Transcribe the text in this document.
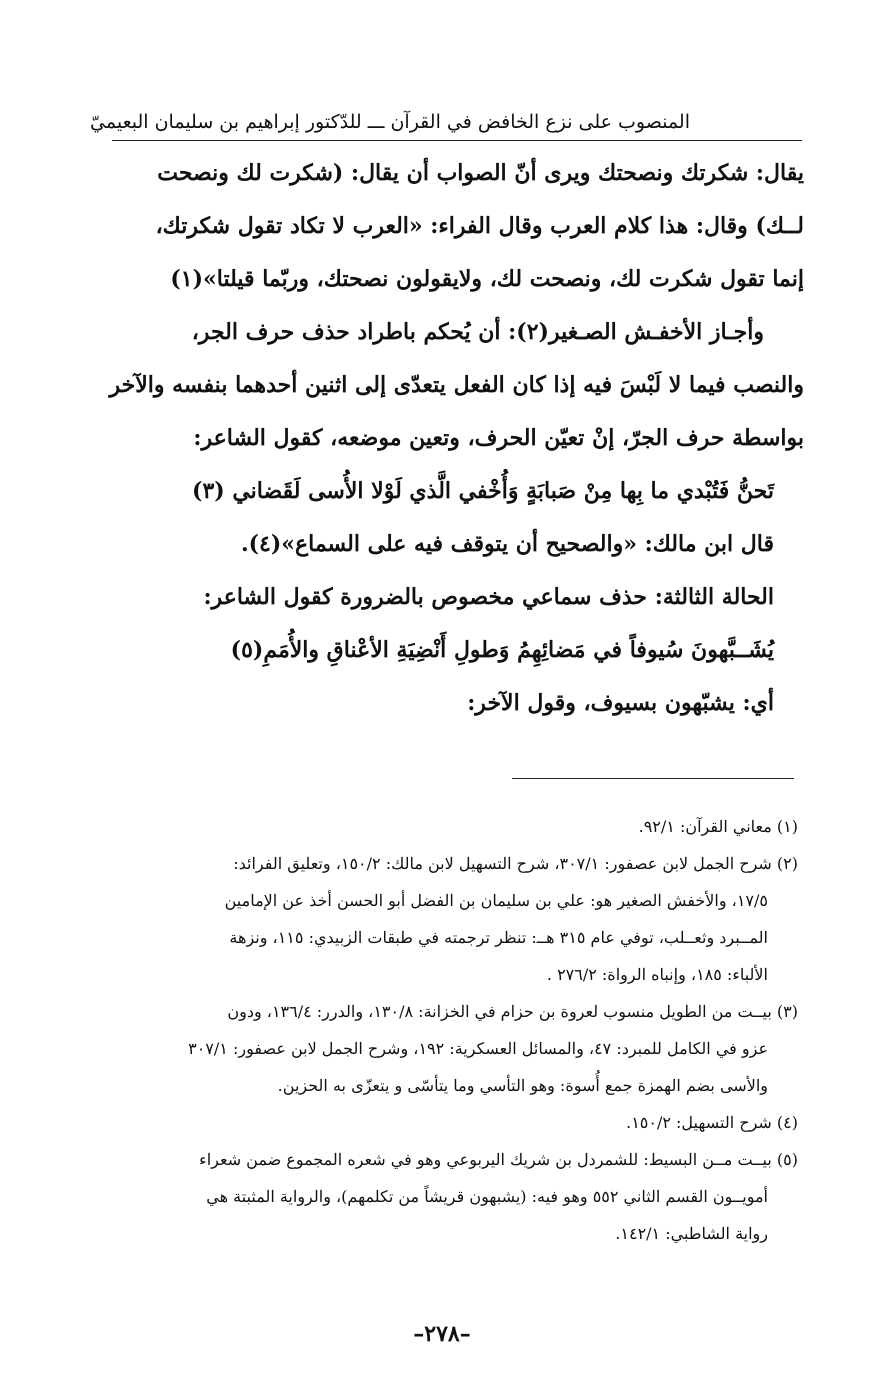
المنصوب على نزع الخافض في القرآن ـــ للدّكتور إبراهيم بن سليمان البعيميّ
يقال: شكرتك ونصحتك ويرى أنّ الصواب أن يقال: (شكرت لك ونصحت
لــك) وقال: هذا كلام العرب وقال الفراء: «العرب لا تكاد تقول شكرتك،
إنما تقول شكرت لك، ونصحت لك، ولايقولون نصحتك، وربّما قيلتا»(١)
وأجـاز الأخفـش الصـغير(٢): أن يُحكم باطراد حذف حرف الجر،
والنصب فيما لا لَبْسَ فيه إذا كان الفعل يتعدّى إلى اثنين أحدهما بنفسه والآخر
بواسطة حرف الجرّ، إنْ تعيّن الحرف، وتعين موضعه، كقول الشاعر:
تَحنُّ فَتُبْدي ما بِها مِنْ صَبابَةٍ وَأُخْفي الَّذي لَوْلا الأُسى لَقَضاني (٣)
قال ابن مالك: «والصحيح أن يتوقف فيه على السماع»(٤).
الحالة الثالثة: حذف سماعي مخصوص بالضرورة كقول الشاعر:
يُشَــبَّهونَ سُيوفاً في مَضائِهِمُ وَطولِ أَنْضِيَةِ الأعْناقِ والأُمَمِ(٥)
أي: يشبّهون بسيوف، وقول الآخر:
(١) معاني القرآن: ٩٢/١.
(٢) شرح الجمل لابن عصفور: ٣٠٧/١، شرح التسهيل لابن مالك: ١٥٠/٢، وتعليق الفرائد:
١٧/٥، والأخفش الصغير هو: علي بن سليمان بن الفضل أبو الحسن أخذ عن الإمامين
المــبرد وثعــلب، توفي عام ٣١٥ هــ: تنظر ترجمته في طبقات الزبيدي: ١١٥، ونزهة
الألباء: ١٨٥، وإنباه الرواة: ٢٧٦/٢ .
(٣) بيــت من الطويل منسوب لعروة بن حزام في الخزانة: ١٣٠/٨، والدرر: ١٣٦/٤، ودون
عزو في الكامل للمبرد: ٤٧، والمسائل العسكرية: ١٩٢، وشرح الجمل لابن عصفور: ٣٠٧/١
والأسى بضم الهمزة جمع أُسوة: وهو التأسي وما يتأسّى و يتعزّى به الحزين.
(٤) شرح التسهيل: ١٥٠/٢.
(٥) بيــت مــن البسيط: للشمردل بن شريك اليربوعي وهو في شعره المجموع ضمن شعراء
أمويــون القسم الثاني ٥٥٢ وهو فيه: (يشبهون قريشاً من تكلمهم)، والرواية المثبتة هي
رواية الشاطبي: ١٤٢/١.
–٢٧٨–
